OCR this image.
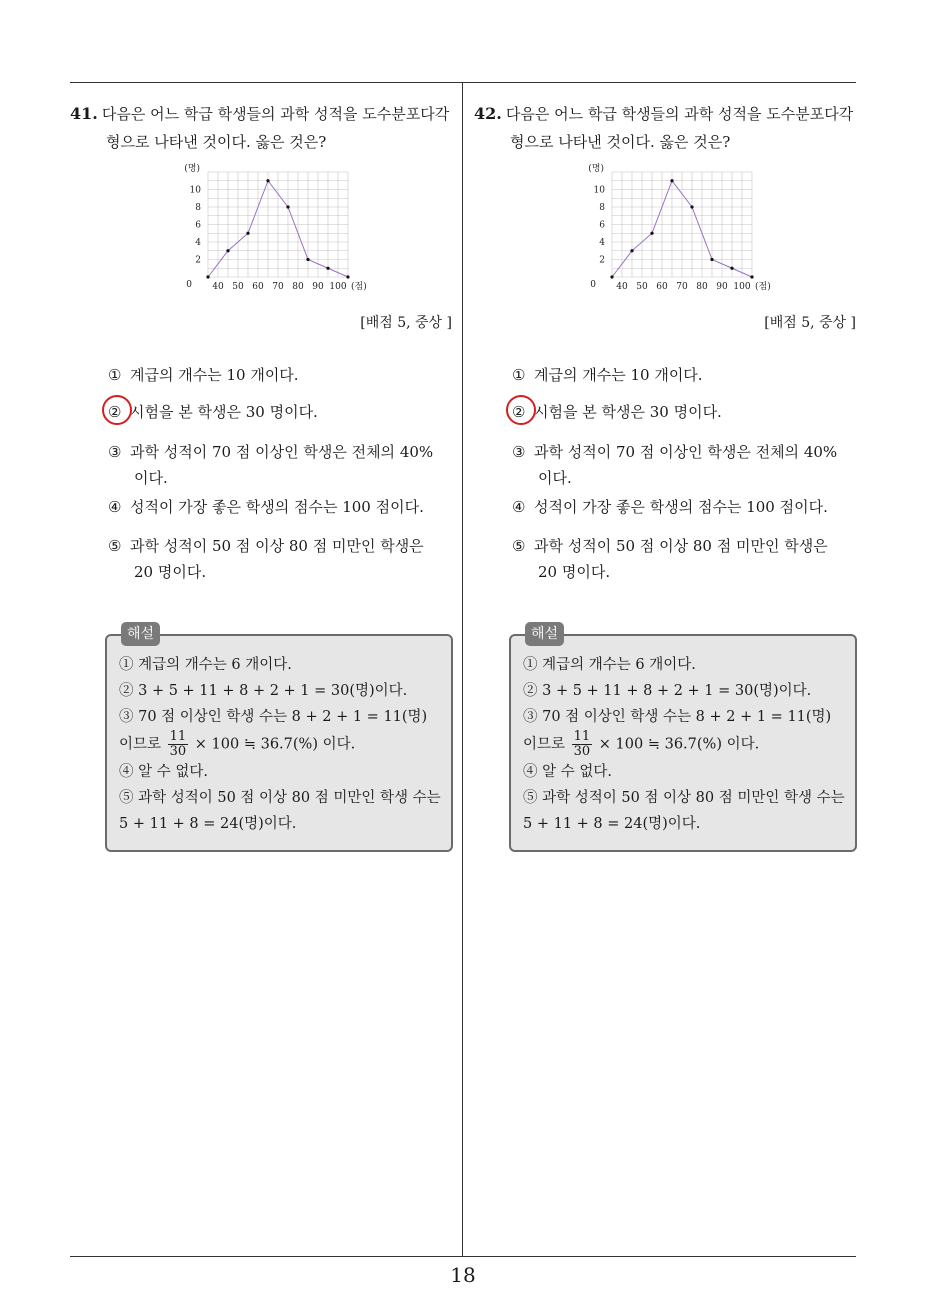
18
41. 다음은 어느 학급 학생들의 과학 성적을 도수분포다각
형으로 나타낸 것이다. 옳은 것은?
2
4
6
8
10
0
(명)
40 50 60 70 80 90 100 (점)
[배점 5, 중상 ]
① 계급의 개수는 10 개이다.
② 시험을 본 학생은 30 명이다.
③ 과학 성적이 70 점 이상인 학생은 전체의 40%
이다.
④ 성적이 가장 좋은 학생의 점수는 100 점이다.
⑤ 과학 성적이 50 점 이상 80 점 미만인 학생은
20 명이다.
해설
① 계급의 개수는 6 개이다.
② 3 + 5 + 11 + 8 + 2 + 1 = 30(명)이다.
③ 70 점 이상인 학생 수는 8 + 2 + 1 = 11(명)
이므로 $\frac{11}{30} \times 100$ ≒ 36.7(%) 이다.
④ 알 수 없다.
⑤ 과학 성적이 50 점 이상 80 점 미만인 학생 수는
5 + 11 + 8 = 24(명)이다.
42. 다음은 어느 학급 학생들의 과학 성적을 도수분포다각
형으로 나타낸 것이다. 옳은 것은?
2
4
6
8
10
0
(명)
40 50 60 70 80 90 100 (점)
[배점 5, 중상 ]
① 계급의 개수는 10 개이다.
② 시험을 본 학생은 30 명이다.
③ 과학 성적이 70 점 이상인 학생은 전체의 40%
이다.
④ 성적이 가장 좋은 학생의 점수는 100 점이다.
⑤ 과학 성적이 50 점 이상 80 점 미만인 학생은
20 명이다.
해설
① 계급의 개수는 6 개이다.
② 3 + 5 + 11 + 8 + 2 + 1 = 30(명)이다.
③ 70 점 이상인 학생 수는 8 + 2 + 1 = 11(명)
이므로 $\frac{11}{30} \times 100$ ≒ 36.7(%) 이다.
④ 알 수 없다.
⑤ 과학 성적이 50 점 이상 80 점 미만인 학생 수는
5 + 11 + 8 = 24(명)이다.
